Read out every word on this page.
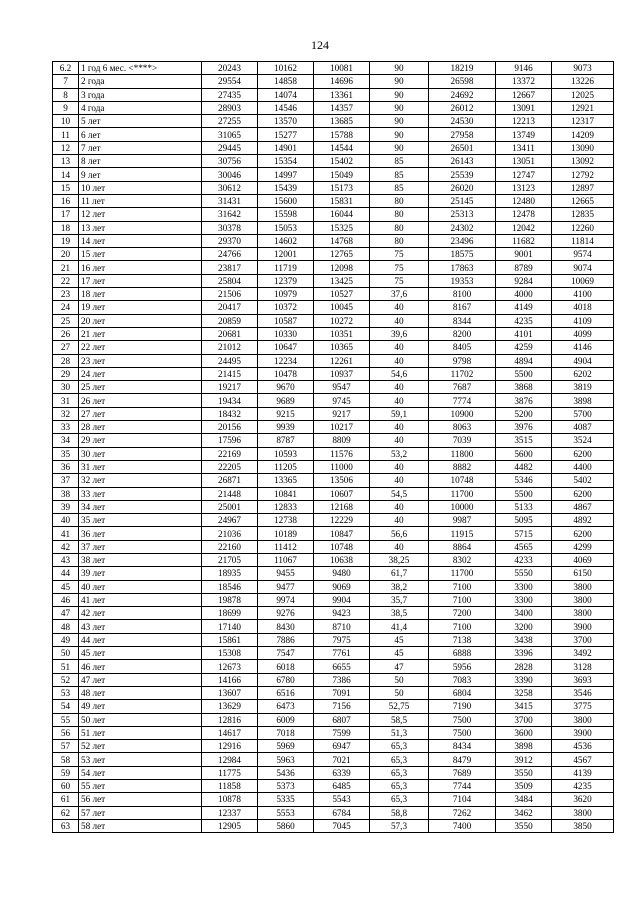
124
6.2	1 год 6 мес. <****>	20243	10162	10081	90	18219	9146	9073
7	2 года	29554	14858	14696	90	26598	13372	13226
8	3 года	27435	14074	13361	90	24692	12667	12025
9	4 года	28903	14546	14357	90	26012	13091	12921
10	5 лет	27255	13570	13685	90	24530	12213	12317
11	6 лет	31065	15277	15788	90	27958	13749	14209
12	7 лет	29445	14901	14544	90	26501	13411	13090
13	8 лет	30756	15354	15402	85	26143	13051	13092
14	9 лет	30046	14997	15049	85	25539	12747	12792
15	10 лет	30612	15439	15173	85	26020	13123	12897
16	11 лет	31431	15600	15831	80	25145	12480	12665
17	12 лет	31642	15598	16044	80	25313	12478	12835
18	13 лет	30378	15053	15325	80	24302	12042	12260
19	14 лет	29370	14602	14768	80	23496	11682	11814
20	15 лет	24766	12001	12765	75	18575	9001	9574
21	16 лет	23817	11719	12098	75	17863	8789	9074
22	17 лет	25804	12379	13425	75	19353	9284	10069
23	18 лет	21506	10979	10527	37,6	8100	4000	4100
24	19 лет	20417	10372	10045	40	8167	4149	4018
25	20 лет	20859	10587	10272	40	8344	4235	4109
26	21 лет	20681	10330	10351	39,6	8200	4101	4099
27	22 лет	21012	10647	10365	40	8405	4259	4146
28	23 лет	24495	12234	12261	40	9798	4894	4904
29	24 лет	21415	10478	10937	54,6	11702	5500	6202
30	25 лет	19217	9670	9547	40	7687	3868	3819
31	26 лет	19434	9689	9745	40	7774	3876	3898
32	27 лет	18432	9215	9217	59,1	10900	5200	5700
33	28 лет	20156	9939	10217	40	8063	3976	4087
34	29 лет	17596	8787	8809	40	7039	3515	3524
35	30 лет	22169	10593	11576	53,2	11800	5600	6200
36	31 лет	22205	11205	11000	40	8882	4482	4400
37	32 лет	26871	13365	13506	40	10748	5346	5402
38	33 лет	21448	10841	10607	54,5	11700	5500	6200
39	34 лет	25001	12833	12168	40	10000	5133	4867
40	35 лет	24967	12738	12229	40	9987	5095	4892
41	36 лет	21036	10189	10847	56,6	11915	5715	6200
42	37 лет	22160	11412	10748	40	8864	4565	4299
43	38 лет	21705	11067	10638	38,25	8302	4233	4069
44	39 лет	18935	9455	9480	61,7	11700	5550	6150
45	40 лет	18546	9477	9069	38,2	7100	3300	3800
46	41 лет	19878	9974	9904	35,7	7100	3300	3800
47	42 лет	18699	9276	9423	38,5	7200	3400	3800
48	43 лет	17140	8430	8710	41,4	7100	3200	3900
49	44 лет	15861	7886	7975	45	7138	3438	3700
50	45 лет	15308	7547	7761	45	6888	3396	3492
51	46 лет	12673	6018	6655	47	5956	2828	3128
52	47 лет	14166	6780	7386	50	7083	3390	3693
53	48 лет	13607	6516	7091	50	6804	3258	3546
54	49 лет	13629	6473	7156	52,75	7190	3415	3775
55	50 лет	12816	6009	6807	58,5	7500	3700	3800
56	51 лет	14617	7018	7599	51,3	7500	3600	3900
57	52 лет	12916	5969	6947	65,3	8434	3898	4536
58	53 лет	12984	5963	7021	65,3	8479	3912	4567
59	54 лет	11775	5436	6339	65,3	7689	3550	4139
60	55 лет	11858	5373	6485	65,3	7744	3509	4235
61	56 лет	10878	5335	5543	65,3	7104	3484	3620
62	57 лет	12337	5553	6784	58,8	7262	3462	3800
63	58 лет	12905	5860	7045	57,3	7400	3550	3850
